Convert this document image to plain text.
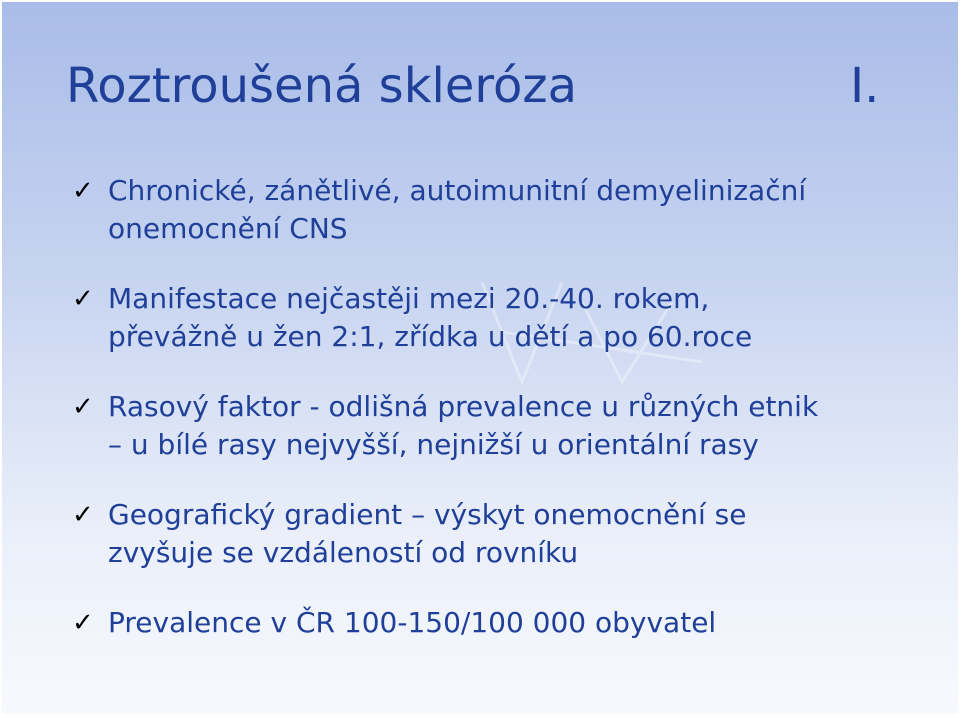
Roztroušená skleróza	I.
✓ Chronické, zánětlivé, autoimunitní demyelinizační
onemocnění CNS
✓ Manifestace nejčastěji mezi 20.-40. rokem,
převážně u žen 2:1, zřídka u dětí a po 60.roce
✓ Rasový faktor - odlišná prevalence u různých etnik
– u bílé rasy nejvyšší, nejnižší u orientální rasy
✓ Geografický gradient – výskyt onemocnění se
zvyšuje se vzdáleností od rovníku
✓ Prevalence v ČR 100-150/100 000 obyvatel
